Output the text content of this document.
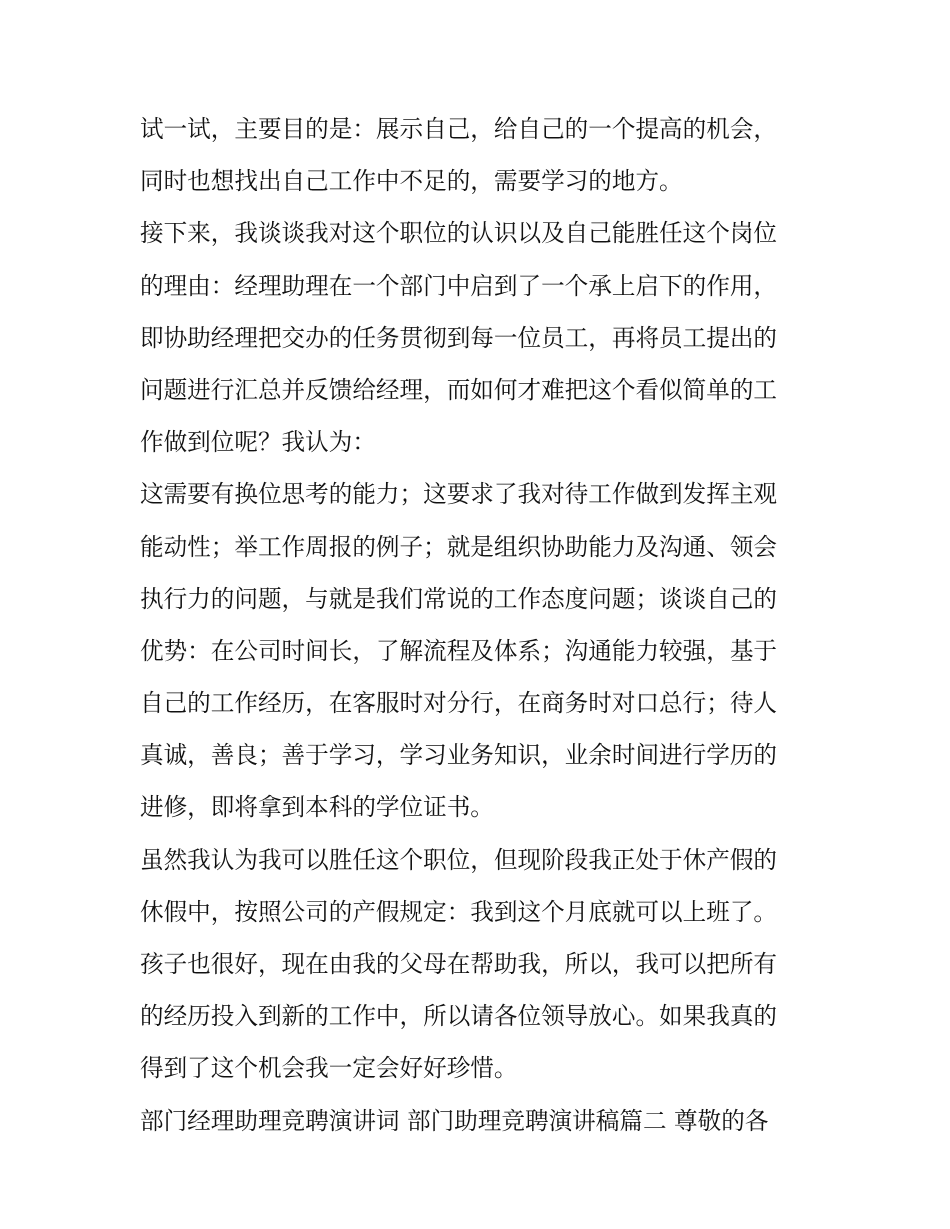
试一试，主要目的是：展示自己，给自己的一个提高的机会，
同时也想找出自己工作中不足的，需要学习的地方。
接下来，我谈谈我对这个职位的认识以及自己能胜任这个岗位
的理由：经理助理在一个部门中启到了一个承上启下的作用，
即协助经理把交办的任务贯彻到每一位员工，再将员工提出的
问题进行汇总并反馈给经理，而如何才难把这个看似简单的工
作做到位呢？我认为：
这需要有换位思考的能力；这要求了我对待工作做到发挥主观
能动性；举工作周报的例子；就是组织协助能力及沟通、领会
执行力的问题，与就是我们常说的工作态度问题；谈谈自己的
优势：在公司时间长，了解流程及体系；沟通能力较强，基于
自己的工作经历，在客服时对分行，在商务时对口总行；待人
真诚，善良；善于学习，学习业务知识，业余时间进行学历的
进修，即将拿到本科的学位证书。
虽然我认为我可以胜任这个职位，但现阶段我正处于休产假的
休假中，按照公司的产假规定：我到这个月底就可以上班了。
孩子也很好，现在由我的父母在帮助我，所以，我可以把所有
的经历投入到新的工作中，所以请各位领导放心。如果我真的
得到了这个机会我一定会好好珍惜。
部门经理助理竞聘演讲词 部门助理竞聘演讲稿篇二 尊敬的各
